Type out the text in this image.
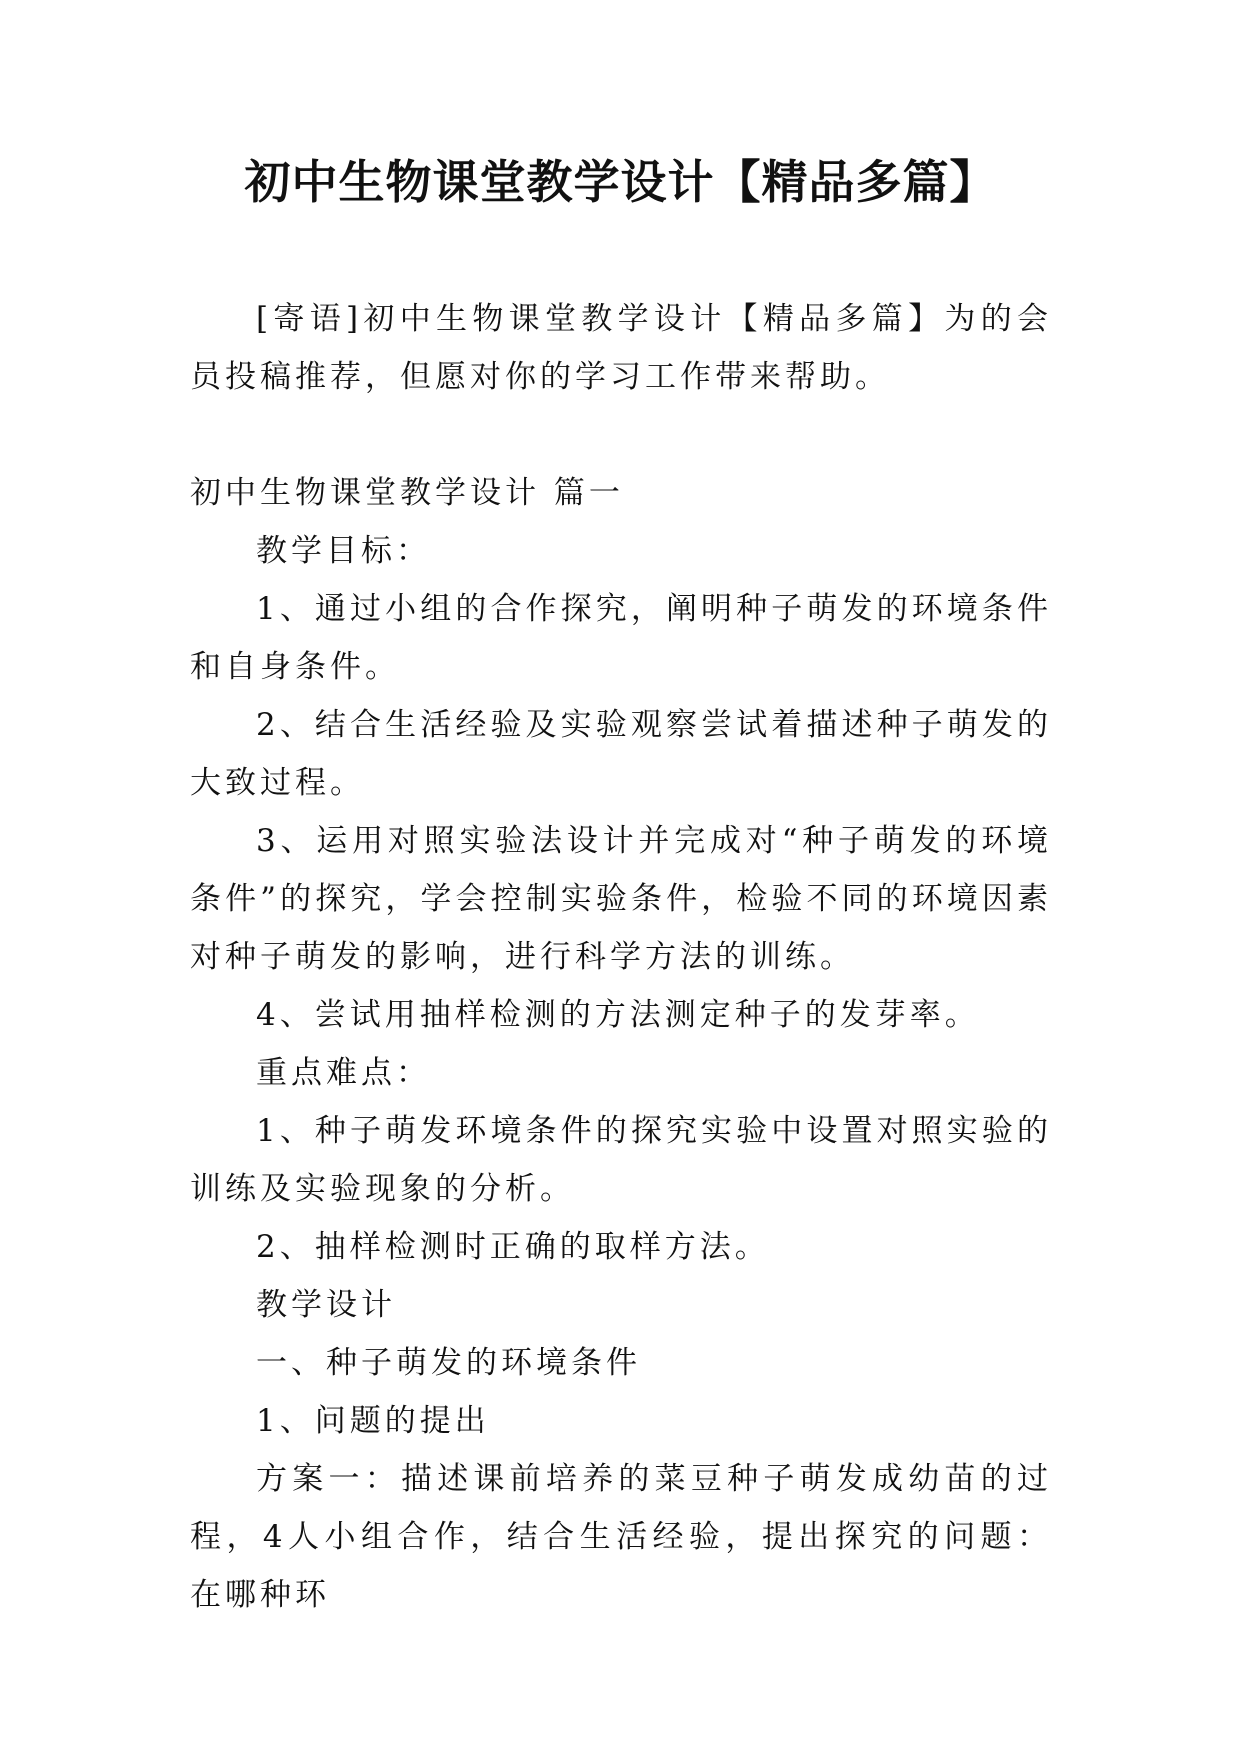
初中生物课堂教学设计【精品多篇】

[寄语]初中生物课堂教学设计【精品多篇】为的会员投稿推荐，但愿对你的学习工作带来帮助。

初中生物课堂教学设计 篇一

教学目标：

1、通过小组的合作探究，阐明种子萌发的环境条件和自身条件。

2、结合生活经验及实验观察尝试着描述种子萌发的大致过程。

3、运用对照实验法设计并完成对“种子萌发的环境条件”的探究，学会控制实验条件，检验不同的环境因素对种子萌发的影响，进行科学方法的训练。

4、尝试用抽样检测的方法测定种子的发芽率。

重点难点：

1、种子萌发环境条件的探究实验中设置对照实验的训练及实验现象的分析。

2、抽样检测时正确的取样方法。

教学设计

一、种子萌发的环境条件

1、问题的提出

方案一：描述课前培养的菜豆种子萌发成幼苗的过程，4人小组合作，结合生活经验，提出探究的问题：在哪种环
